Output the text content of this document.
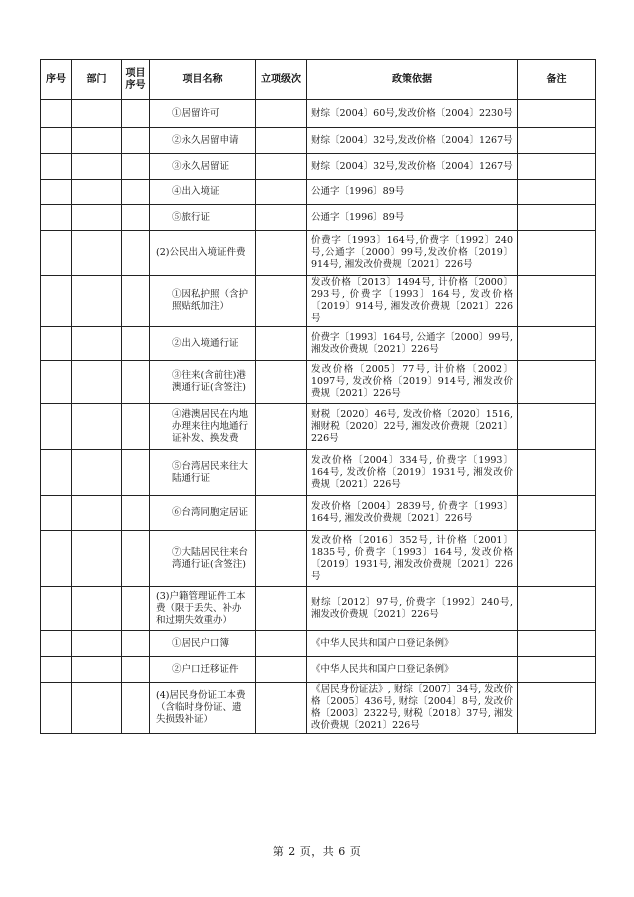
序号	部门	项目序号	项目名称	立项级次	政策依据	备注
			①居留许可		财综〔2004〕60号,发改价格〔2004〕2230号	
			②永久居留申请		财综〔2004〕32号,发改价格〔2004〕1267号	
			③永久居留证		财综〔2004〕32号,发改价格〔2004〕1267号	
			④出入境证		公通字〔1996〕89号	
			⑤旅行证		公通字〔1996〕89号	
			(2)公民出入境证件费		价费字〔1993〕164号,价费字〔1992〕240号,公通字〔2000〕99号,发改价格〔2019〕914号, 湘发改价费规〔2021〕226号	
			①因私护照（含护照贴纸加注）		发改价格〔2013〕1494号, 计价格〔2000〕293号, 价费字〔1993〕164号, 发改价格〔2019〕914号, 湘发改价费规〔2021〕226号	
			②出入境通行证		价费字〔1993〕164号, 公通字〔2000〕99号, 湘发改价费规〔2021〕226号	
			③往来(含前往)港澳通行证(含签注)		发改价格〔2005〕77号, 计价格〔2002〕1097号, 发改价格〔2019〕914号, 湘发改价费规〔2021〕226号	
			④港澳居民在内地办理来往内地通行证补发、换发费		财税〔2020〕46号, 发改价格〔2020〕1516, 湘财税〔2020〕22号, 湘发改价费规〔2021〕226号	
			⑤台湾居民来往大陆通行证		发改价格〔2004〕334号, 价费字〔1993〕164号, 发改价格〔2019〕1931号, 湘发改价费规〔2021〕226号	
			⑥台湾同胞定居证		发改价格〔2004〕2839号, 价费字〔1993〕164号, 湘发改价费规〔2021〕226号	
			⑦大陆居民往来台湾通行证(含签注)		发改价格〔2016〕352号, 计价格〔2001〕1835号, 价费字〔1993〕164号, 发改价格〔2019〕1931号, 湘发改价费规〔2021〕226号	
			(3)户籍管理证件工本费（限于丢失、补办和过期失效重办）		财综〔2012〕97号, 价费字〔1992〕240号, 湘发改价费规〔2021〕226号	
			①居民户口簿		《中华人民共和国户口登记条例》	
			②户口迁移证件		《中华人民共和国户口登记条例》	
			(4)居民身份证工本费（含临时身份证、遗失损毁补证）		《居民身份证法》, 财综〔2007〕34号, 发改价格〔2005〕436号, 财综〔2004〕8号, 发改价格〔2003〕2322号, 财税〔2018〕37号, 湘发改价费规〔2021〕226号	
第 2 页，共 6 页
